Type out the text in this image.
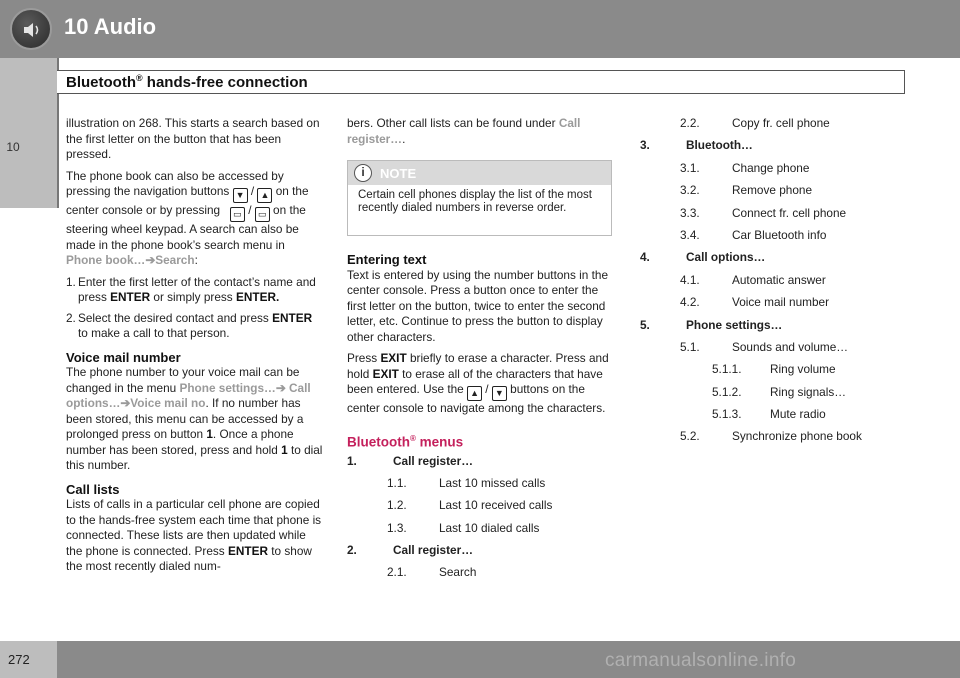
10 Audio
10
Bluetooth® hands-free connection

illustration on 268. This starts a search based on the first letter on the button that has been pressed.

The phone book can also be accessed by pressing the navigation buttons ▼ / ▲ on the center console or by pressing   ▭ / ▭ on the steering wheel keypad. A search can also be made in the phone book’s search menu in Phone book…➔Search:

1. Enter the first letter of the contact’s name and press ENTER or simply press ENTER.
2. Select the desired contact and press ENTER to make a call to that person.
Voice mail number

The phone number to your voice mail can be changed in the menu Phone settings…➔ Call options…➔Voice mail no. If no number has been stored, this menu can be accessed by a prolonged press on button 1. Once a phone number has been stored, press and hold 1 to dial this number.

Call lists

Lists of calls in a particular cell phone are copied to the hands-free system each time that phone is connected. These lists are then updated while the phone is connected. Press ENTER to show the most recently dialed num-

bers. Other call lists can be found under Call register….

i	NOTE
Certain cell phones display the list of the most recently dialed numbers in reverse order.
Entering text

Text is entered by using the number buttons in the center console. Press a button once to enter the first letter on the button, twice to enter the second letter, etc. Continue to press the button to display other characters.

Press EXIT briefly to erase a character. Press and hold EXIT to erase all of the characters that have been entered. Use the ▲ / ▼ buttons on the center console to navigate among the characters.

Bluetooth® menus
1.	Call register…
1.1.	Last 10 missed calls
1.2.	Last 10 received calls
1.3.	Last 10 dialed calls
2.	Call register…
2.1.	Search
2.2.	Copy fr. cell phone
3.	Bluetooth…
3.1.	Change phone
3.2.	Remove phone
3.3.	Connect fr. cell phone
3.4.	Car Bluetooth info
4.	Call options…
4.1.	Automatic answer
4.2.	Voice mail number
5.	Phone settings…
5.1.	Sounds and volume…
5.1.1. Ring volume
5.1.2. Ring signals…
5.1.3. Mute radio
5.2.	Synchronize phone book
272	carmanualsonline.info
